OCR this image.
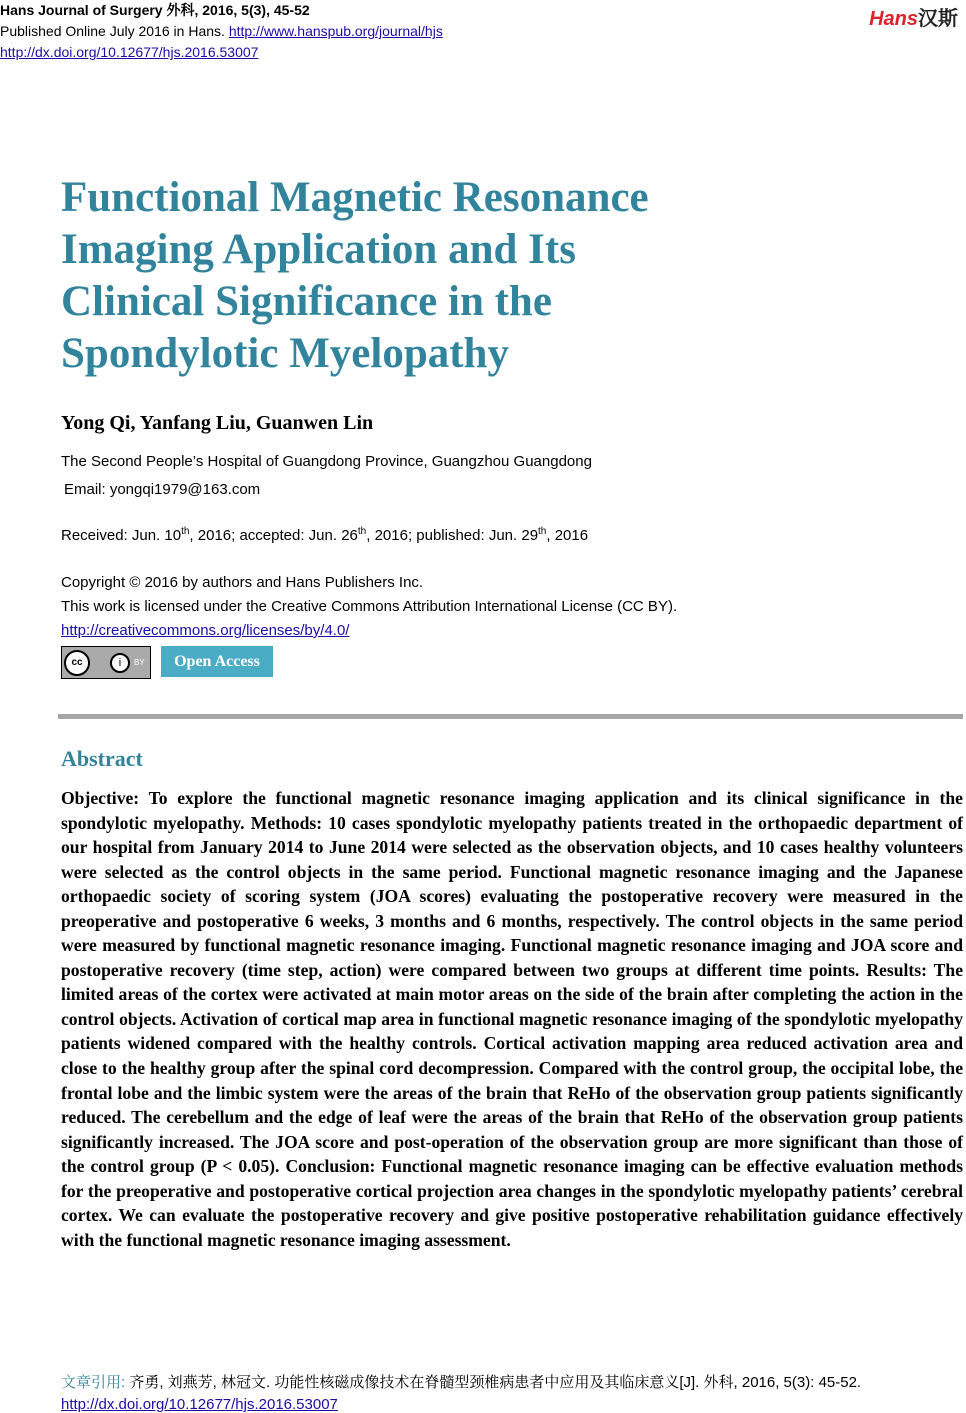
Hans Journal of Surgery 外科, 2016, 5(3), 45-52
Published Online July 2016 in Hans. http://www.hanspub.org/journal/hjs
http://dx.doi.org/10.12677/hjs.2016.53007
Hans汉斯
Functional Magnetic Resonance
Imaging Application and Its
Clinical Significance in the
Spondylotic Myelopathy
Yong Qi, Yanfang Liu, Guanwen Lin
The Second People’s Hospital of Guangdong Province, Guangzhou Guangdong
Email: yongqi1979@163.com
Received: Jun. 10th, 2016; accepted: Jun. 26th, 2016; published: Jun. 29th, 2016
Copyright © 2016 by authors and Hans Publishers Inc.
This work is licensed under the Creative Commons Attribution International License (CC BY).
http://creativecommons.org/licenses/by/4.0/
cc	i	BY	Open Access
Abstract
Objective: To explore the functional magnetic resonance imaging application and its clinical significance in the spondylotic myelopathy. Methods: 10 cases spondylotic myelopathy patients treated in the orthopaedic department of our hospital from January 2014 to June 2014 were selected as the observation objects, and 10 cases healthy volunteers were selected as the control objects in the same period. Functional magnetic resonance imaging and the Japanese orthopaedic society of scoring system (JOA scores) evaluating the postoperative recovery were measured in the preoperative and postoperative 6 weeks, 3 months and 6 months, respectively. The control objects in the same period were measured by functional magnetic resonance imaging. Functional magnetic resonance imaging and JOA score and postoperative recovery (time step, action) were compared between two groups at different time points. Results: The limited areas of the cortex were activated at main motor areas on the side of the brain after completing the action in the control objects. Activation of cortical map area in functional magnetic resonance imaging of the spondylotic myelopathy patients widened compared with the healthy controls. Cortical activation mapping area reduced activation area and close to the healthy group after the spinal cord decompression. Compared with the control group, the occipital lobe, the frontal lobe and the limbic system were the areas of the brain that ReHo of the observation group patients significantly reduced. The cerebellum and the edge of leaf were the areas of the brain that ReHo of the observation group patients significantly increased. The JOA score and post-operation of the observation group are more significant than those of the control group (P < 0.05). Conclusion: Functional magnetic resonance imaging can be effective evaluation methods for the preoperative and postoperative cortical projection area changes in the spondylotic myelopathy patients’ cerebral cortex. We can evaluate the postoperative recovery and give positive postoperative rehabilitation guidance effectively with the functional magnetic resonance imaging assessment.
文章引用: 齐勇, 刘燕芳, 林冠文. 功能性核磁成像技术在脊髓型颈椎病患者中应用及其临床意义[J]. 外科, 2016, 5(3): 45-52. http://dx.doi.org/10.12677/hjs.2016.53007
